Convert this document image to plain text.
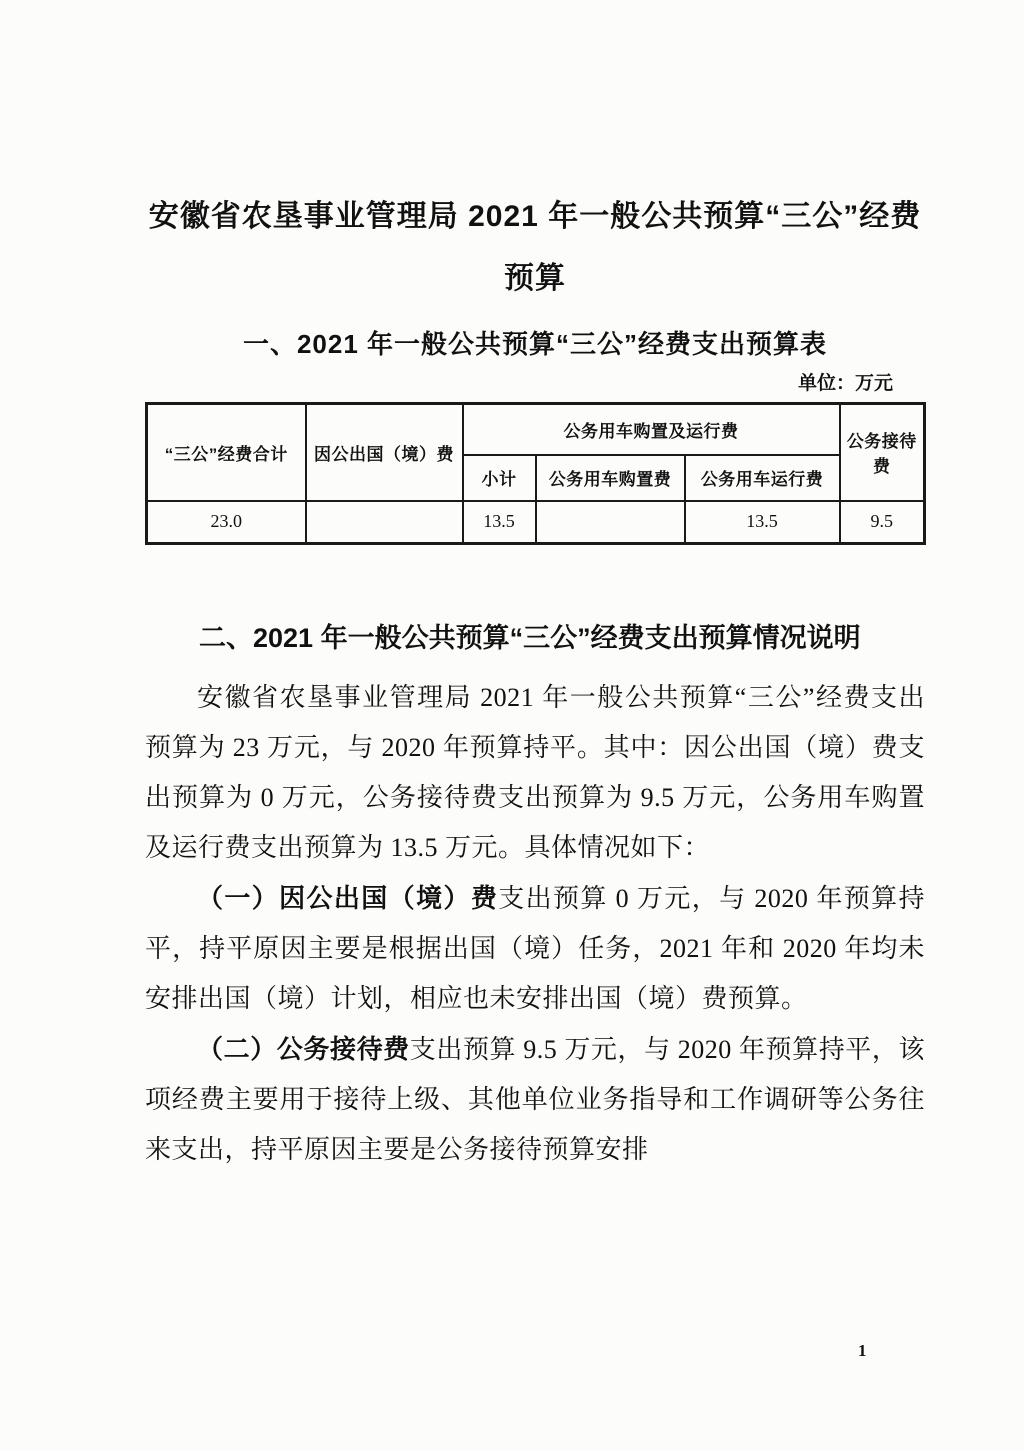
安徽省农垦事业管理局 2021 年一般公共预算“三公”经费
预算
一、2021 年一般公共预算“三公”经费支出预算表
单位：万元
“三公”经费合计	因公出国（境）费	公务用车购置及运行费			公务接待费
		小计	公务用车购置费	公务用车运行费	
23.0		13.5		13.5	9.5
二、2021 年一般公共预算“三公”经费支出预算情况说明

安徽省农垦事业管理局 2021 年一般公共预算“三公”经费支出预算为 23 万元，与 2020 年预算持平。其中：因公出国（境）费支出预算为 0 万元，公务接待费支出预算为 9.5 万元，公务用车购置及运行费支出预算为 13.5 万元。具体情况如下：

（一）因公出国（境）费支出预算 0 万元，与 2020 年预算持平，持平原因主要是根据出国（境）任务，2021 年和 2020 年均未安排出国（境）计划，相应也未安排出国（境）费预算。

（二）公务接待费支出预算 9.5 万元，与 2020 年预算持平，该项经费主要用于接待上级、其他单位业务指导和工作调研等公务往来支出，持平原因主要是公务接待预算安排

1
